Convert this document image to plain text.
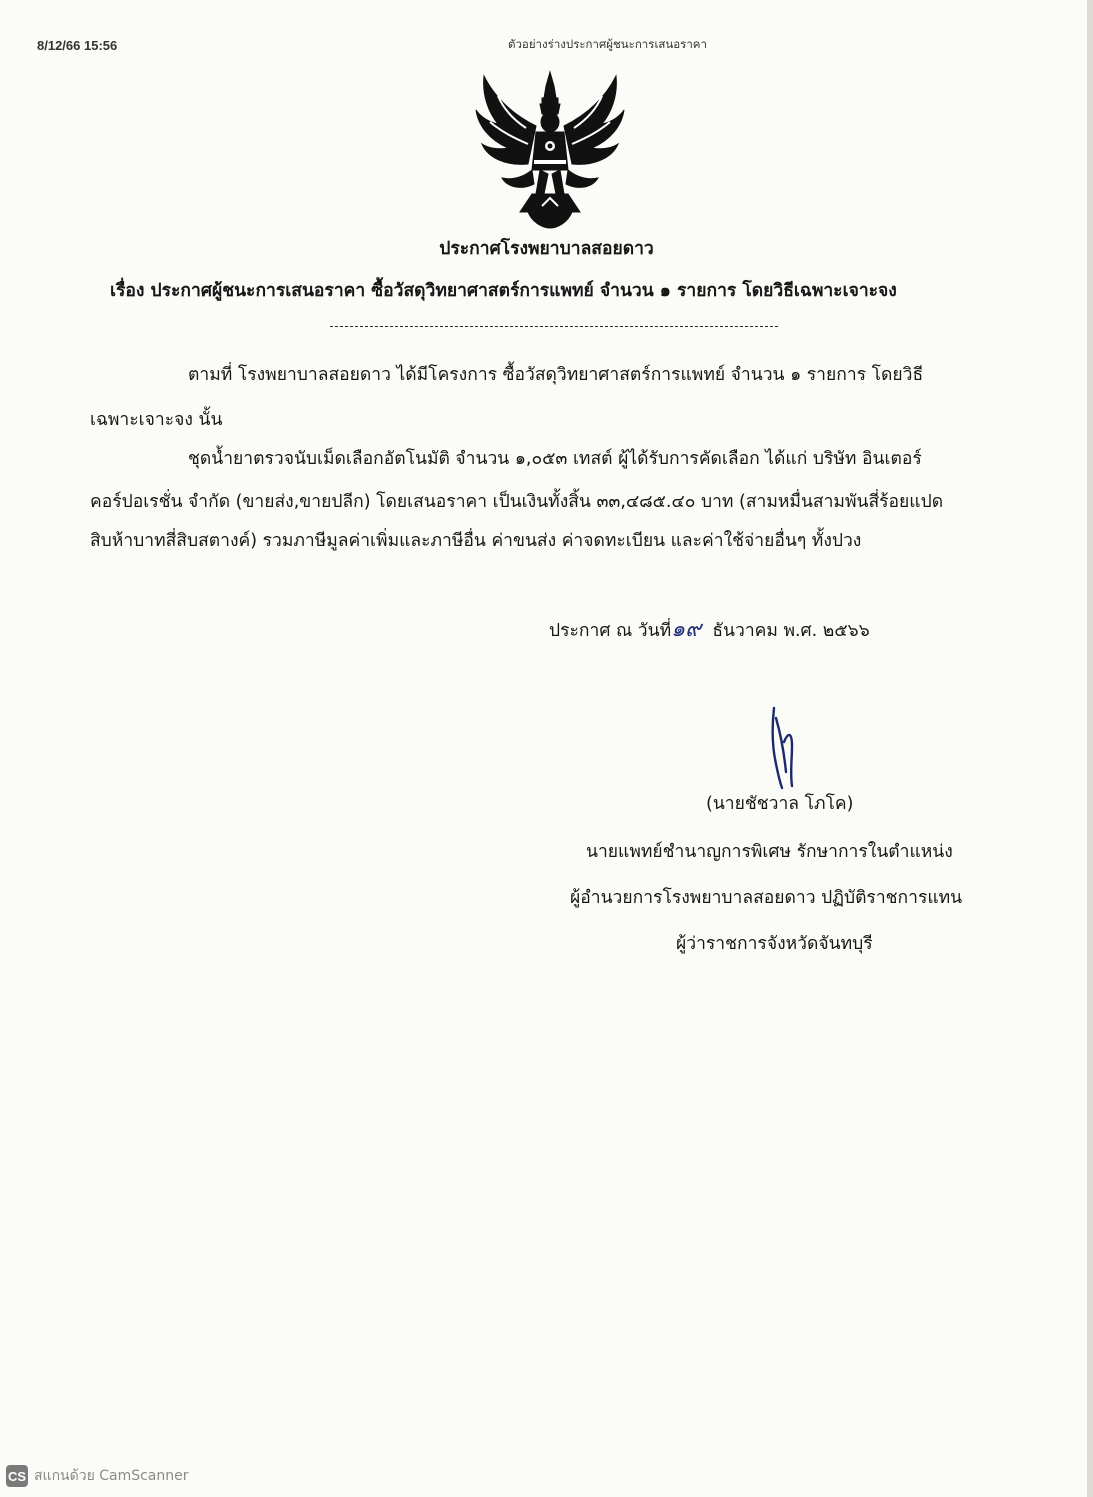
8/12/66 15:56	ตัวอย่างร่างประกาศผู้ชนะการเสนอราคา
ประกาศโรงพยาบาลสอยดาว
เรื่อง ประกาศผู้ชนะการเสนอราคา ซื้อวัสดุวิทยาศาสตร์การแพทย์ จำนวน ๑ รายการ โดยวิธีเฉพาะเจาะจง
ตามที่ โรงพยาบาลสอยดาว ได้มีโครงการ ซื้อวัสดุวิทยาศาสตร์การแพทย์ จำนวน ๑ รายการ โดยวิธี
เฉพาะเจาะจง นั้น
ชุดน้ำยาตรวจนับเม็ดเลือกอัตโนมัติ จำนวน ๑,๐๕๓ เทสต์ ผู้ได้รับการคัดเลือก ได้แก่ บริษัท อินเตอร์
คอร์ปอเรชั่น จำกัด (ขายส่ง,ขายปลีก) โดยเสนอราคา เป็นเงินทั้งสิ้น ๓๓,๔๘๕.๔๐ บาท (สามหมื่นสามพันสี่ร้อยแปด
สิบห้าบาทสี่สิบสตางค์) รวมภาษีมูลค่าเพิ่มและภาษีอื่น ค่าขนส่ง ค่าจดทะเบียน และค่าใช้จ่ายอื่นๆ ทั้งปวง
ประกาศ ณ วันที่๑๙ ธันวาคม พ.ศ. ๒๕๖๖
(นายชัชวาล โภโค)
นายแพทย์ชำนาญการพิเศษ รักษาการในตำแหน่ง
ผู้อำนวยการโรงพยาบาลสอยดาว ปฏิบัติราชการแทน
ผู้ว่าราชการจังหวัดจันทบุรี
CS สแกนด้วย CamScanner
